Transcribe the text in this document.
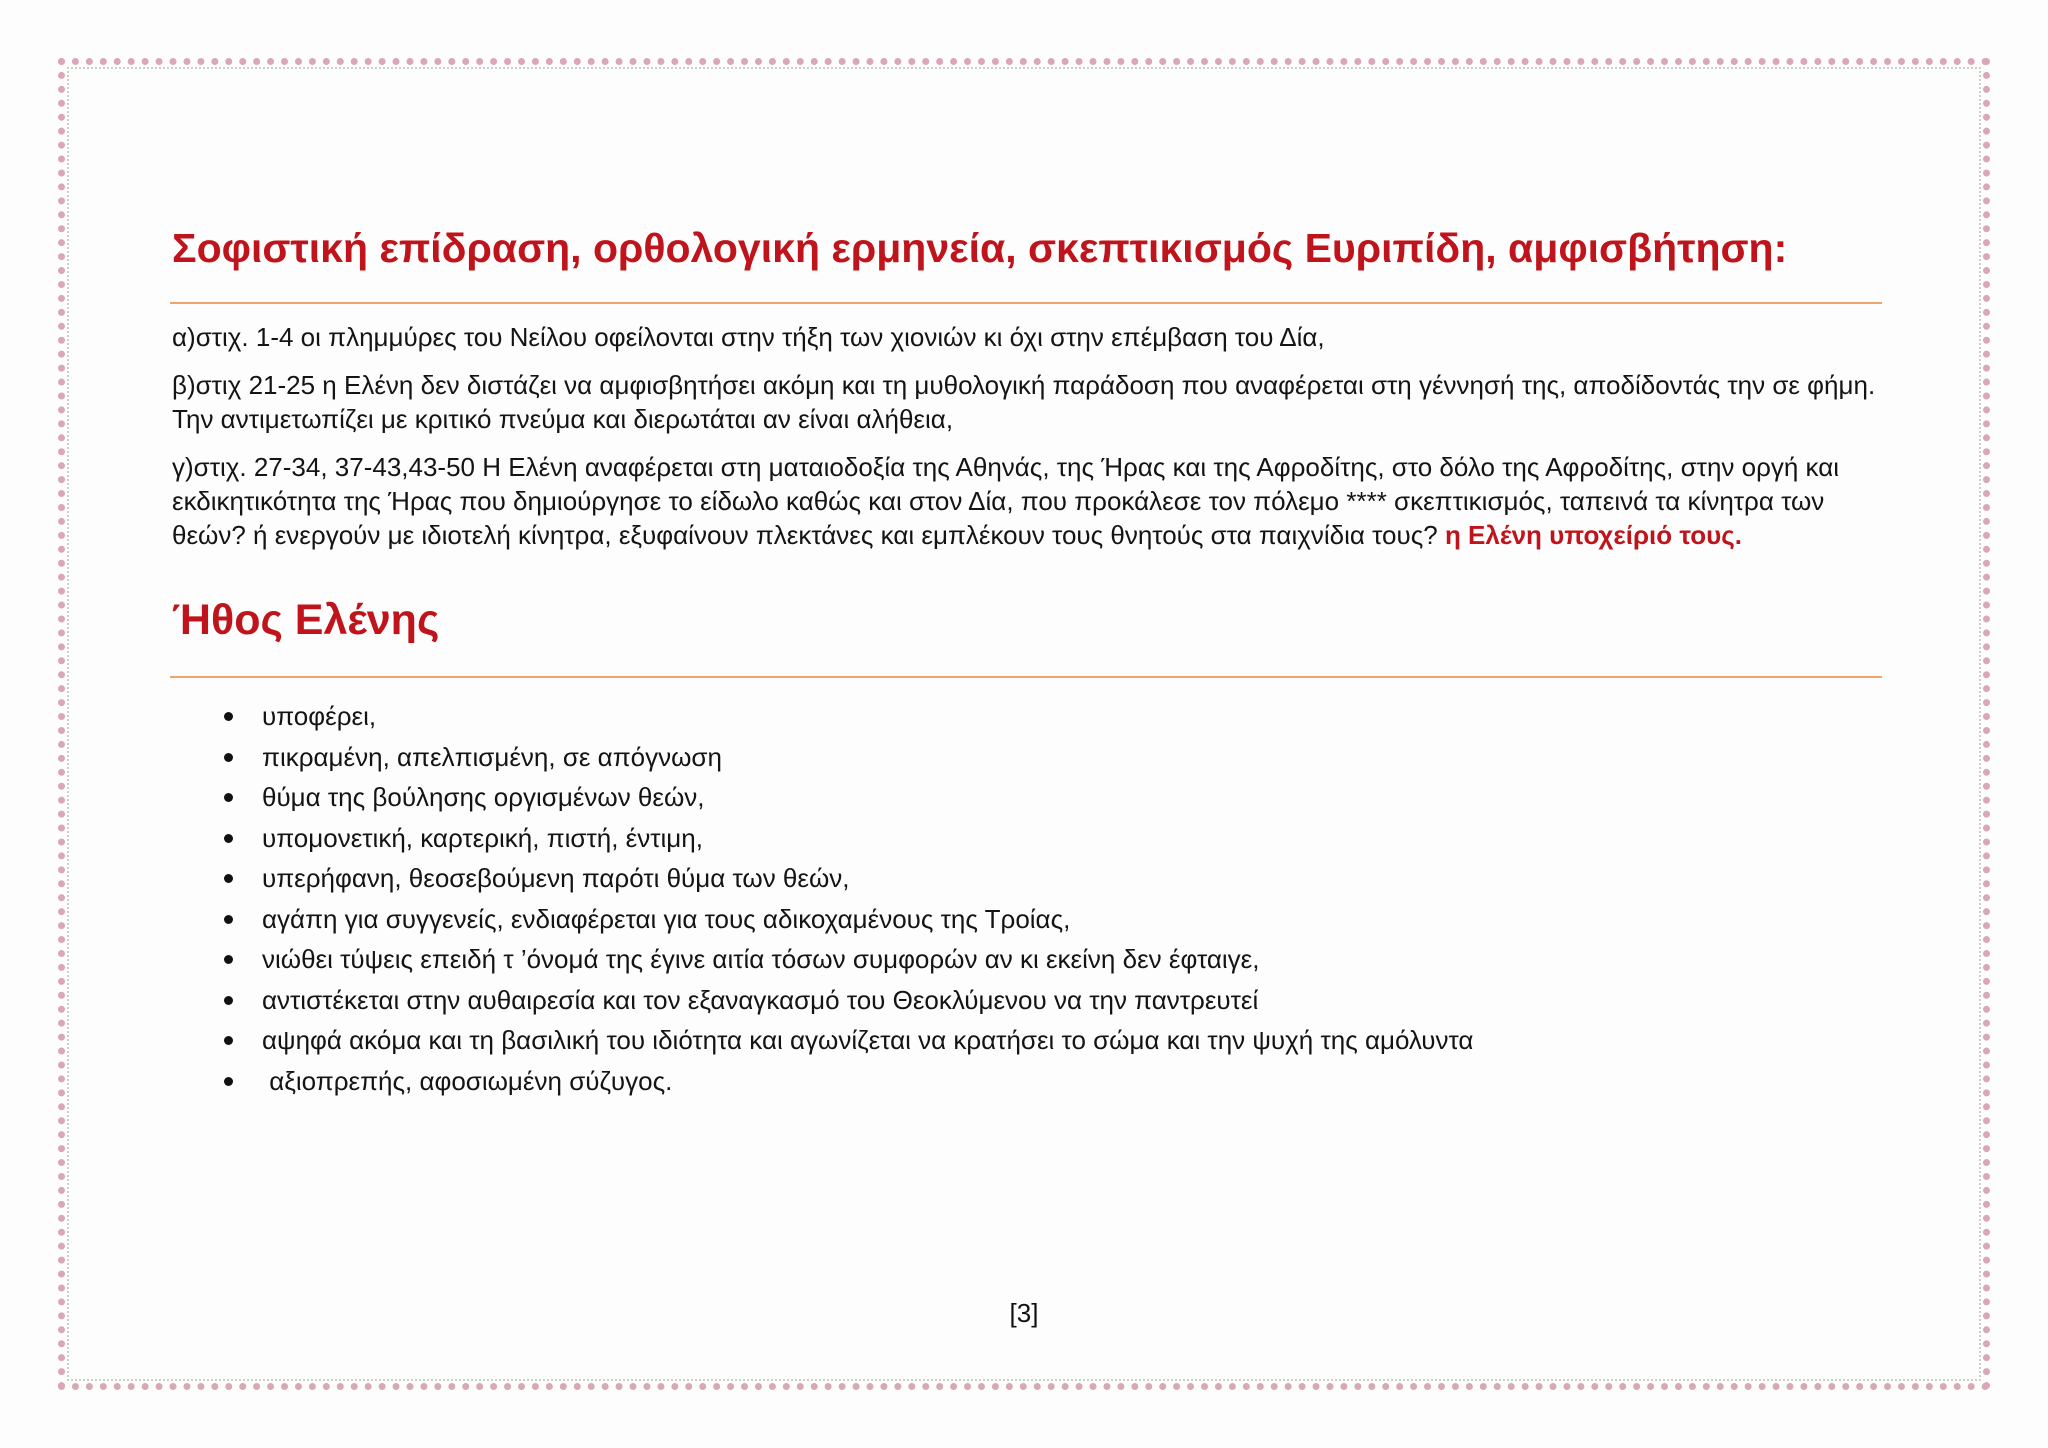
Σοφιστική επίδραση, ορθολογική ερμηνεία, σκεπτικισμός Ευριπίδη, αμφισβήτηση:

α)στιχ. 1-4 οι πλημμύρες του Νείλου οφείλονται στην τήξη των χιονιών κι όχι στην επέμβαση του Δία,

β)στιχ 21-25 η Ελένη δεν διστάζει να αμφισβητήσει ακόμη και τη μυθολογική παράδοση που αναφέρεται στη γέννησή της, αποδίδοντάς την σε φήμη. Την αντιμετωπίζει με κριτικό πνεύμα και διερωτάται αν είναι αλήθεια,

γ)στιχ. 27-34, 37-43,43-50 Η Ελένη αναφέρεται στη ματαιοδοξία της Αθηνάς, της Ήρας και της Αφροδίτης, στο δόλο της Αφροδίτης, στην οργή και εκδικητικότητα της Ήρας που δημιούργησε το είδωλο καθώς και στον Δία, που προκάλεσε τον πόλεμο **** σκεπτικισμός, ταπεινά τα κίνητρα των θεών? ή ενεργούν με ιδιοτελή κίνητρα, εξυφαίνουν πλεκτάνες και εμπλέκουν τους θνητούς στα παιχνίδια τους? η Ελένη υποχείριό τους.

Ήθος Ελένης
υποφέρει,
πικραμένη, απελπισμένη, σε απόγνωση
θύμα της βούλησης οργισμένων θεών,
υπομονετική, καρτερική, πιστή, έντιμη,
υπερήφανη, θεοσεβούμενη παρότι θύμα των θεών,
αγάπη για συγγενείς, ενδιαφέρεται για τους αδικοχαμένους της Τροίας,
νιώθει τύψεις επειδή τ ’όνομά της έγινε αιτία τόσων συμφορών αν κι εκείνη δεν έφταιγε,
αντιστέκεται στην αυθαιρεσία και τον εξαναγκασμό του Θεοκλύμενου να την παντρευτεί
αψηφά ακόμα και τη βασιλική του ιδιότητα και αγωνίζεται να κρατήσει το σώμα και την ψυχή της αμόλυντα
αξιοπρεπής, αφοσιωμένη σύζυγος.
[3]
